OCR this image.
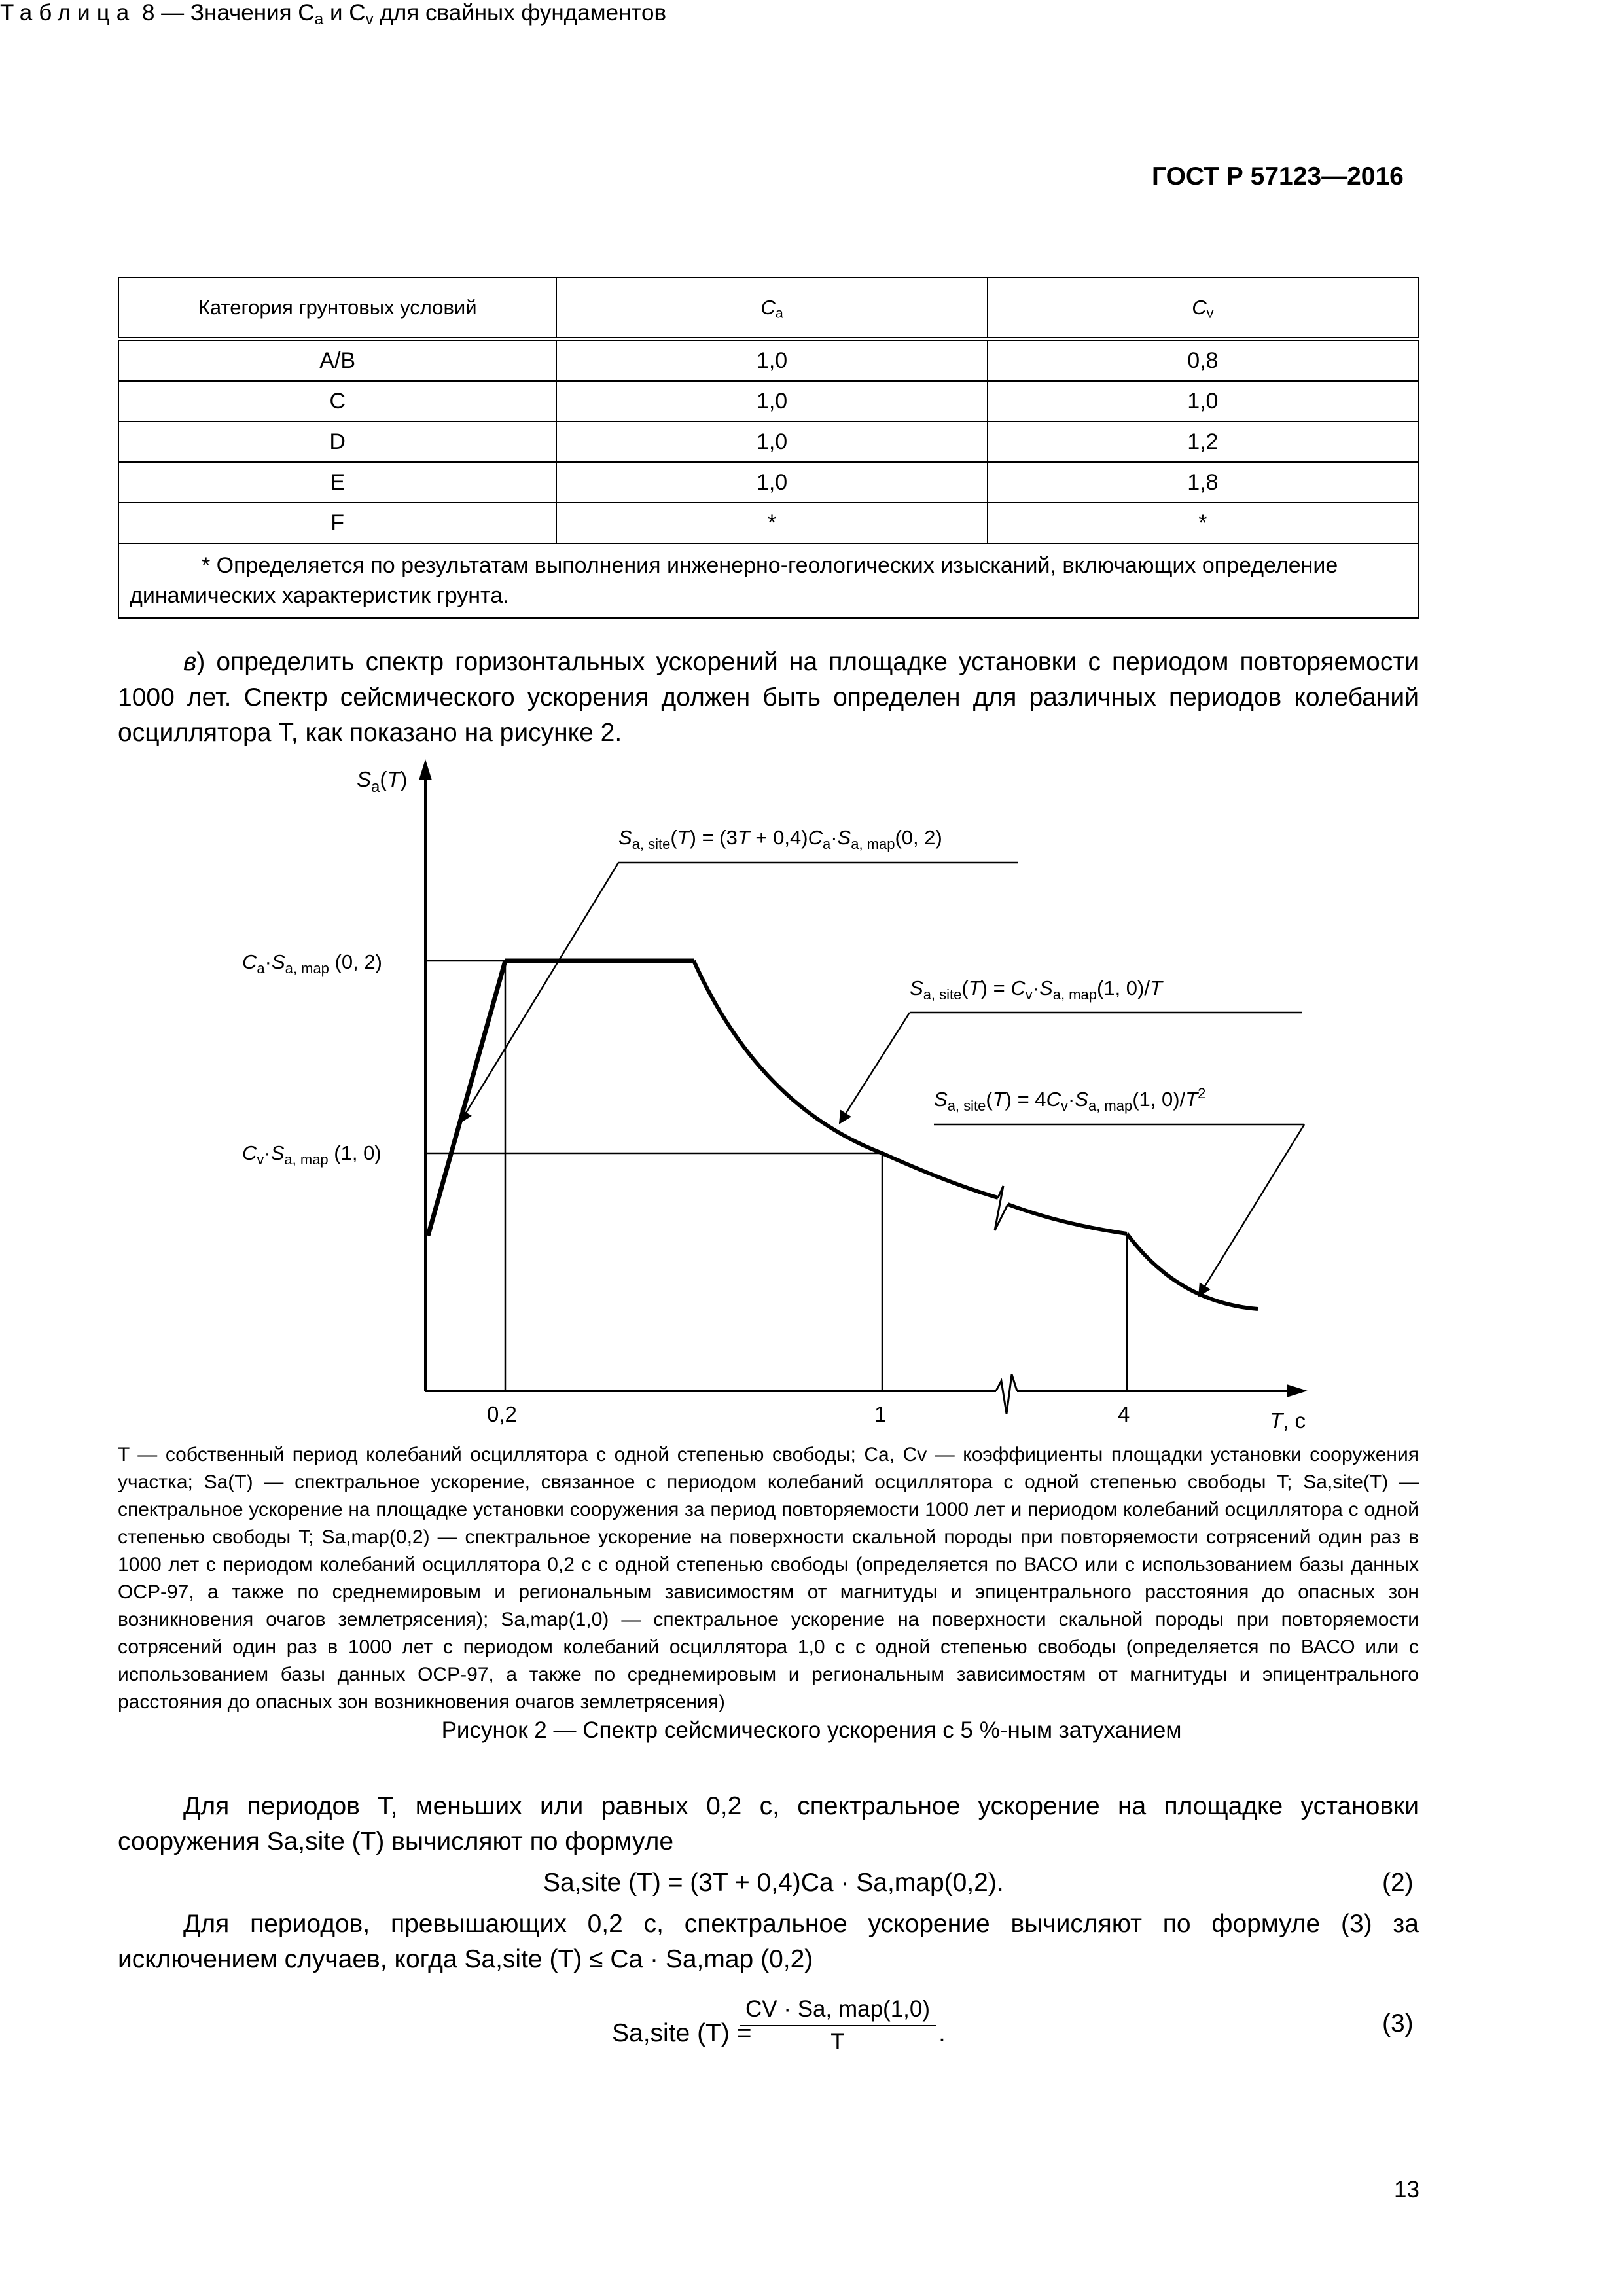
ГОСТ Р 57123—2016
Таблица 8 — Значения $C_a$ и $C_v$ для свайных фундаментов
Категория грунтовых условий	$C_a$	$C_v$
A/B	1,0	0,8
C	1,0	1,0
D	1,0	1,2
E	1,0	1,8
F	*	*
* Определяется по результатам выполнения инженерно-геологических изысканий, включающих определение динамических характеристик грунта.		
в) определить спектр горизонтальных ускорений на площадке установки с периодом повторяемости 1000 лет. Спектр сейсмического ускорения должен быть определен для различных периодов колебаний осциллятора T, как показано на рисунке 2.
$S_a(T)$
T, с
0,2	1	4
$C_a\cdot S_{a, map}$ (0, 2)
$C_v\cdot S_{a, map}$ (1, 0)
$S_{a, site}(T) = (3T + 0,4)C_a\cdot S_{a, map}(0$, 2)
$S_{a, site}(T) = C_v\cdot S_{a, map}(1$, 0)/T
$S_{a, site}(T) = 4C_v\cdot S_{a, map}(1$, $0)/T^2$
T — собственный период колебаний осциллятора с одной степенью свободы; Ca, Cv — коэффициенты площадки установки сооружения участка; Sa(T) — спектральное ускорение, связанное с периодом колебаний осциллятора с одной степенью свободы T; Sa,site(T) — спектральное ускорение на площадке установки сооружения за период повторяемости 1000 лет и периодом колебаний осциллятора с одной степенью свободы T; Sa,map(0,2) — спектральное ускорение на поверхности скальной породы при повторяемости сотрясений один раз в 1000 лет с периодом колебаний осциллятора 0,2 с с одной степенью свободы (определяется по ВАСО или с использованием базы данных ОСР-97, а также по среднемировым и региональным зависимостям от магнитуды и эпицентрального расстояния до опасных зон возникновения очагов землетрясения); Sa,map(1,0) — спектральное ускорение на поверхности скальной породы при повторяемости сотрясений один раз в 1000 лет с периодом колебаний осциллятора 1,0 с с одной степенью свободы (определяется по ВАСО или с использованием базы данных ОСР-97, а также по среднемировым и региональным зависимостям от магнитуды и эпицентрального расстояния до опасных зон возникновения очагов землетрясения)
Рисунок 2 — Спектр сейсмического ускорения с 5 %-ным затуханием
Для периодов T, меньших или равных 0,2 с, спектральное ускорение на площадке установки сооружения Sa,site (T) вычисляют по формуле
Sa,site (T) = (3T + 0,4)Ca · Sa,map(0,2).	(2)
Для периодов, превышающих 0,2 с, спектральное ускорение вычисляют по формуле (3) за исключением случаев, когда Sa,site (T) ≤ Ca · Sa,map (0,2)
Sa,site (T) =
CV · Sa, map(1,0)
T	.	(3)
13
